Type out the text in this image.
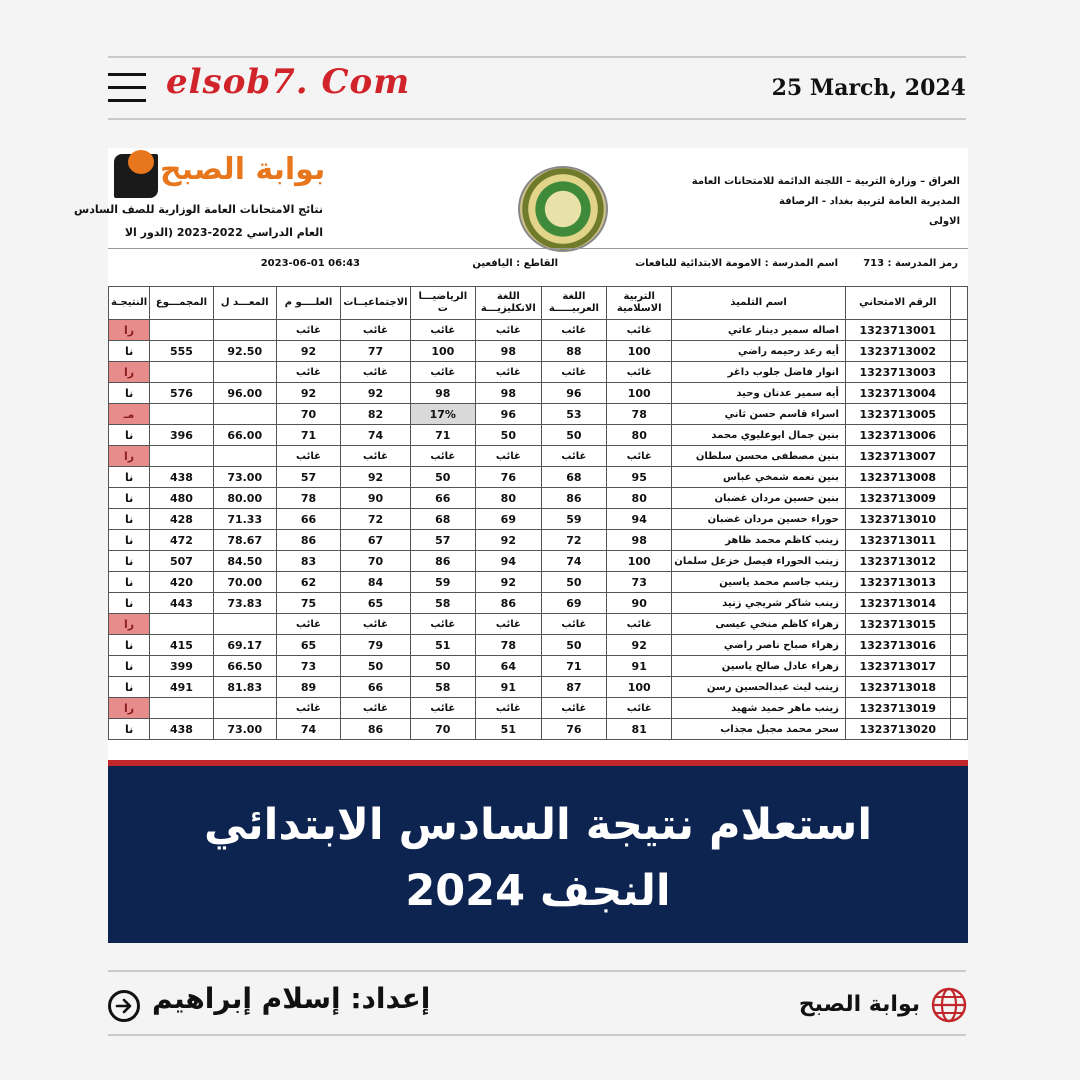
elsob7. Com	25 March, 2024
بوابة الصبح
نتائج الامتحانات العامة الوزارية للصف السادس
العام الدراسي 2022-2023 (الدور الا
العراق – وزارة التربية – اللجنة الدائمة للامتحانات العامة
المديرية العامة لتربية بغداد - الرصافة
الاولى
رمز المدرسة : 713
اسم المدرسة : الامومة الابتدائية للبافعات
القاطع : اليافعين
06:43 2023-06-01
	الرقم الامتحاني	اسم التلميذ	التربية الاسلامية	اللغة العربيـــــة	اللغة الانكليزيـــة	الرياضيـــا ت	الاجتماعيــات	العلــــو م	المعـــد ل	المجمـــوع	النتيجـة
	1323713001	اصاله سمير دينار عاتي	غائب	غائب	غائب	غائب	غائب	غائب			را
	1323713002	أيه رعد رحيمه راضي	100	88	98	100	77	92	92.50	555	نا
	1323713003	انوار فاضل جلوب داغر	غائب	غائب	غائب	غائب	غائب	غائب			را
	1323713004	أيه سمير عدنان وحيد	100	96	98	98	92	92	96.00	576	نا
	1323713005	اسراء قاسم حسن ثاني	78	53	96	17%	82	70			مـ
	1323713006	بنين جمال ابوعليوي محمد	80	50	50	71	74	71	66.00	396	نا
	1323713007	بنين مصطفى محسن سلطان	غائب	غائب	غائب	غائب	غائب	غائب			را
	1323713008	بنين نعمه شمخي عباس	95	68	76	50	92	57	73.00	438	نا
	1323713009	بنين حسين مردان غضبان	80	86	80	66	90	78	80.00	480	نا
	1323713010	حوراء حسين مردان غضبان	94	59	69	68	72	66	71.33	428	نا
	1323713011	زينب كاظم محمد ظاهر	98	72	92	57	67	86	78.67	472	نا
	1323713012	زينب الحوراء فيصل خزعل سلمان	100	74	94	86	70	83	84.50	507	نا
	1323713013	زينب جاسم محمد ياسين	73	50	92	59	84	62	70.00	420	نا
	1323713014	زينب شاكر شريجي زنيد	90	69	86	58	65	75	73.83	443	نا
	1323713015	زهراء كاظم منخي عيسى	غائب	غائب	غائب	غائب	غائب	غائب			را
	1323713016	زهراء صباح ناصر راضي	92	50	78	51	79	65	69.17	415	نا
	1323713017	زهراء عادل صالح ياسين	91	71	64	50	50	73	66.50	399	نا
	1323713018	زينب ليث عبدالحسين رسن	100	87	91	58	66	89	81.83	491	نا
	1323713019	زينب ماهر حميد شهيد	غائب	غائب	غائب	غائب	غائب	غائب			را
	1323713020	سحر محمد مجبل مجذاب	81	76	51	70	86	74	73.00	438	نا
استعلام نتيجة السادس الابتدائي النجف 2024
إعداد: إسلام إبراهيم	بوابة الصبح
